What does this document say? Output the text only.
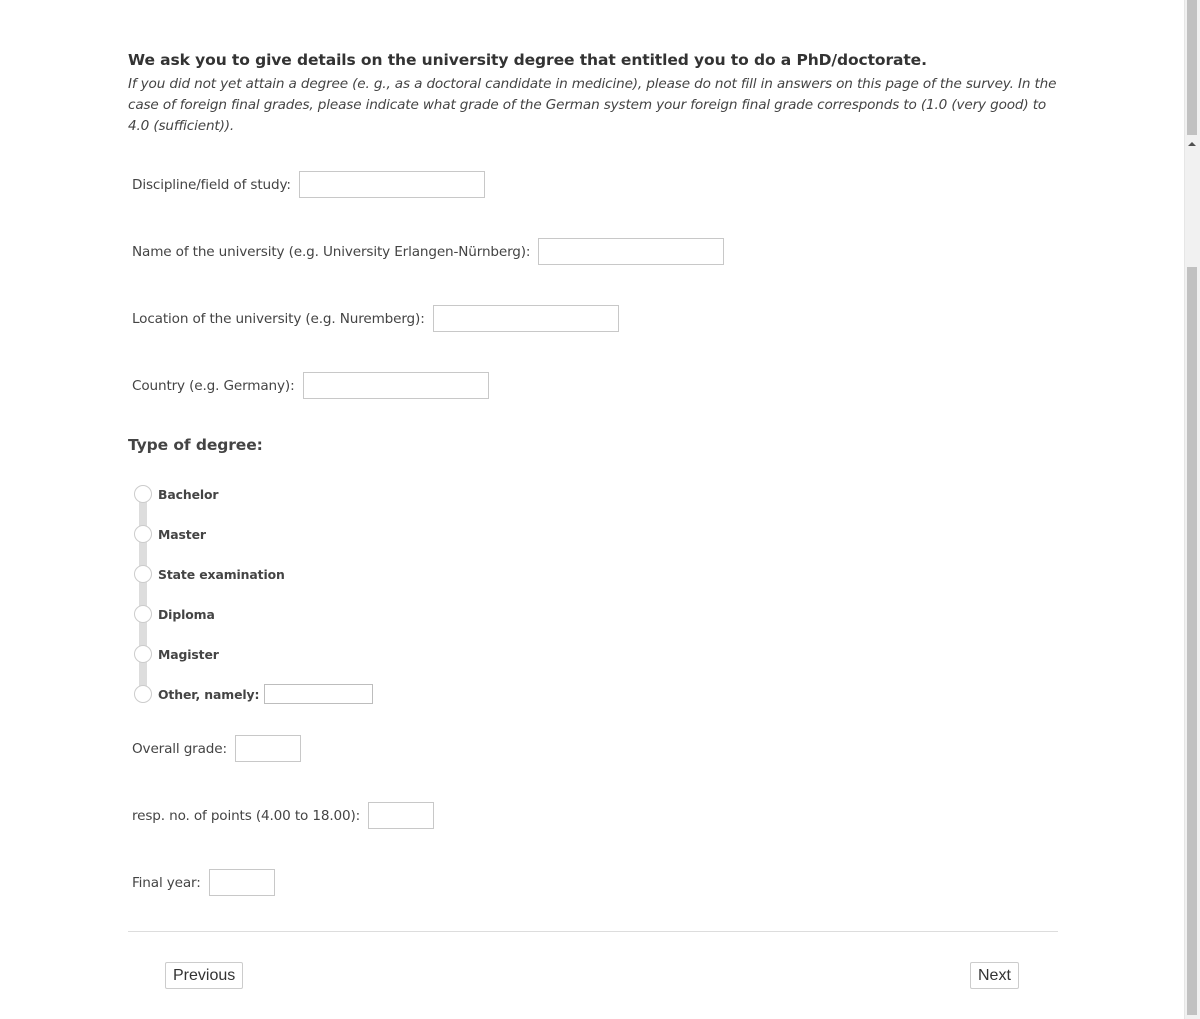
We ask you to give details on the university degree that entitled you to do a PhD/doctorate.
If you did not yet attain a degree (e. g., as a doctoral candidate in medicine), please do not fill in answers on this page of the survey. In the case of foreign final grades, please indicate what grade of the German system your foreign final grade corresponds to (1.0 (very good) to 4.0 (sufficient)).
Discipline/field of study:
Name of the university (e.g. University Erlangen-Nürnberg):
Location of the university (e.g. Nuremberg):
Country (e.g. Germany):
Type of degree:
Bachelor
Master
State examination
Diploma
Magister
Other, namely:
Overall grade:
resp. no. of points (4.00 to 18.00):
Final year:
Previous	Next
